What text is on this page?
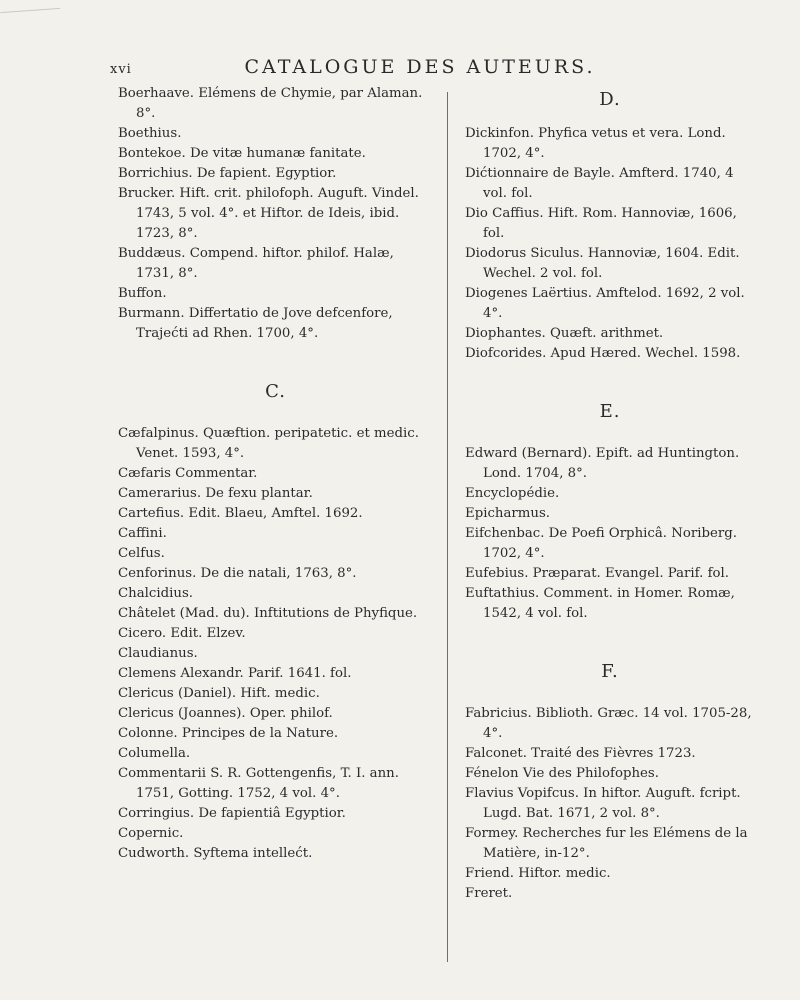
xvi	CATALOGUE DES AUTEURS.

Boerhaave. Elémens de Chymie, par Alaman. 8°.

Boethius.

Bontekoe. De vitæ humanæ fanitate.

Borrichius. De fapient. Egyptior.

Brucker. Hift. crit. philofoph. Auguft. Vindel. 1743, 5 vol. 4°. et Hiftor. de Ideis, ibid. 1723, 8°.

Buddæus. Compend. hiftor. philof. Halæ, 1731, 8°.

Buffon.

Burmann. Differtatio de Jove defcenfore, Trajećti ad Rhen. 1700, 4°.

C.

Cæfalpinus. Quæftion. peripatetic. et medic. Venet. 1593, 4°.

Cæfaris Commentar.

Camerarius. De fexu plantar.

Cartefius. Edit. Blaeu, Amftel. 1692.

Caffini.

Celfus.

Cenforinus. De die natali, 1763, 8°.

Chalcidius.

Châtelet (Mad. du). Inftitutions de Phyfique.

Cicero. Edit. Elzev.

Claudianus.

Clemens Alexandr. Parif. 1641. fol.

Clericus (Daniel). Hift. medic.

Clericus (Joannes). Oper. philof.

Colonne. Principes de la Nature.

Columella.

Commentarii S. R. Gottengenfis, T. I. ann. 1751, Gotting. 1752, 4 vol. 4°.

Corringius. De fapientiâ Egyptior.

Copernic.

Cudworth. Syftema intellećt.

D.

Dickinfon. Phyfica vetus et vera. Lond. 1702, 4°.

Dićtionnaire de Bayle. Amfterd. 1740, 4 vol. fol.

Dio Caffius. Hift. Rom. Hannoviæ, 1606, fol.

Diodorus Siculus. Hannoviæ, 1604. Edit. Wechel. 2 vol. fol.

Diogenes Laërtius. Amftelod. 1692, 2 vol. 4°.

Diophantes. Quæft. arithmet.

Diofcorides. Apud Hæred. Wechel. 1598.

E.

Edward (Bernard). Epift. ad Huntington. Lond. 1704, 8°.

Encyclopédie.

Epicharmus.

Eifchenbac. De Poefi Orphicâ. Noriberg. 1702, 4°.

Eufebius. Præparat. Evangel. Parif. fol.

Euftathius. Comment. in Homer. Romæ, 1542, 4 vol. fol.

F.

Fabricius. Biblioth. Græc. 14 vol. 1705-28, 4°.

Falconet. Traité des Fièvres 1723.

Fénelon Vie des Philofophes.

Flavius Vopifcus. In hiftor. Auguft. fcript. Lugd. Bat. 1671, 2 vol. 8°.

Formey. Recherches fur les Elémens de la Matière, in-12°.

Friend. Hiftor. medic.

Freret.
